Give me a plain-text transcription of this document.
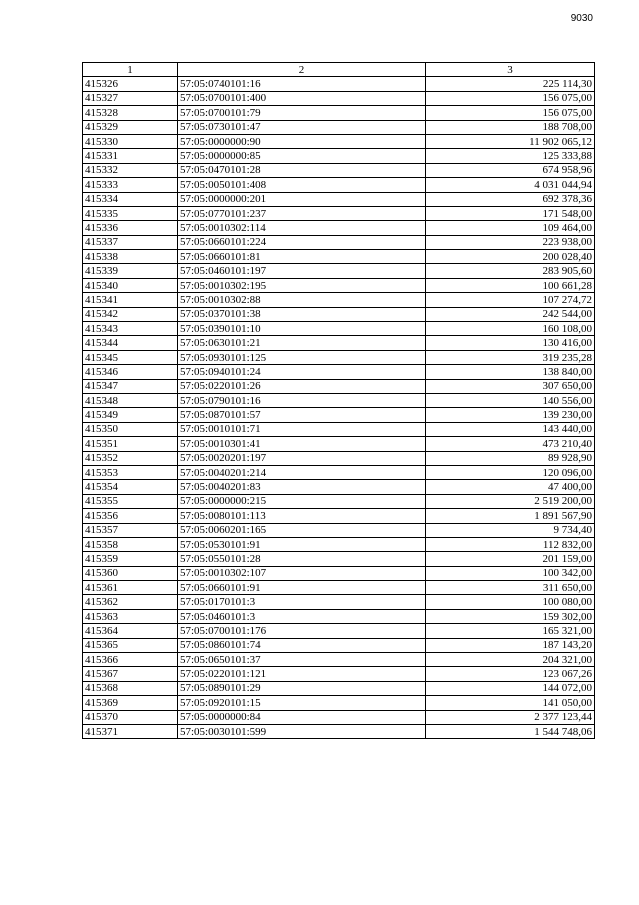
9030
1	2	3
415326	57:05:0740101:16	225 114,30
415327	57:05:0700101:400	156 075,00
415328	57:05:0700101:79	156 075,00
415329	57:05:0730101:47	188 708,00
415330	57:05:0000000:90	11 902 065,12
415331	57:05:0000000:85	125 333,88
415332	57:05:0470101:28	674 958,96
415333	57:05:0050101:408	4 031 044,94
415334	57:05:0000000:201	692 378,36
415335	57:05:0770101:237	171 548,00
415336	57:05:0010302:114	109 464,00
415337	57:05:0660101:224	223 938,00
415338	57:05:0660101:81	200 028,40
415339	57:05:0460101:197	283 905,60
415340	57:05:0010302:195	100 661,28
415341	57:05:0010302:88	107 274,72
415342	57:05:0370101:38	242 544,00
415343	57:05:0390101:10	160 108,00
415344	57:05:0630101:21	130 416,00
415345	57:05:0930101:125	319 235,28
415346	57:05:0940101:24	138 840,00
415347	57:05:0220101:26	307 650,00
415348	57:05:0790101:16	140 556,00
415349	57:05:0870101:57	139 230,00
415350	57:05:0010101:71	143 440,00
415351	57:05:0010301:41	473 210,40
415352	57:05:0020201:197	89 928,90
415353	57:05:0040201:214	120 096,00
415354	57:05:0040201:83	47 400,00
415355	57:05:0000000:215	2 519 200,00
415356	57:05:0080101:113	1 891 567,90
415357	57:05:0060201:165	9 734,40
415358	57:05:0530101:91	112 832,00
415359	57:05:0550101:28	201 159,00
415360	57:05:0010302:107	100 342,00
415361	57:05:0660101:91	311 650,00
415362	57:05:0170101:3	100 080,00
415363	57:05:0460101:3	159 302,00
415364	57:05:0700101:176	165 321,00
415365	57:05:0860101:74	187 143,20
415366	57:05:0650101:37	204 321,00
415367	57:05:0220101:121	123 067,26
415368	57:05:0890101:29	144 072,00
415369	57:05:0920101:15	141 050,00
415370	57:05:0000000:84	2 377 123,44
415371	57:05:0030101:599	1 544 748,06
